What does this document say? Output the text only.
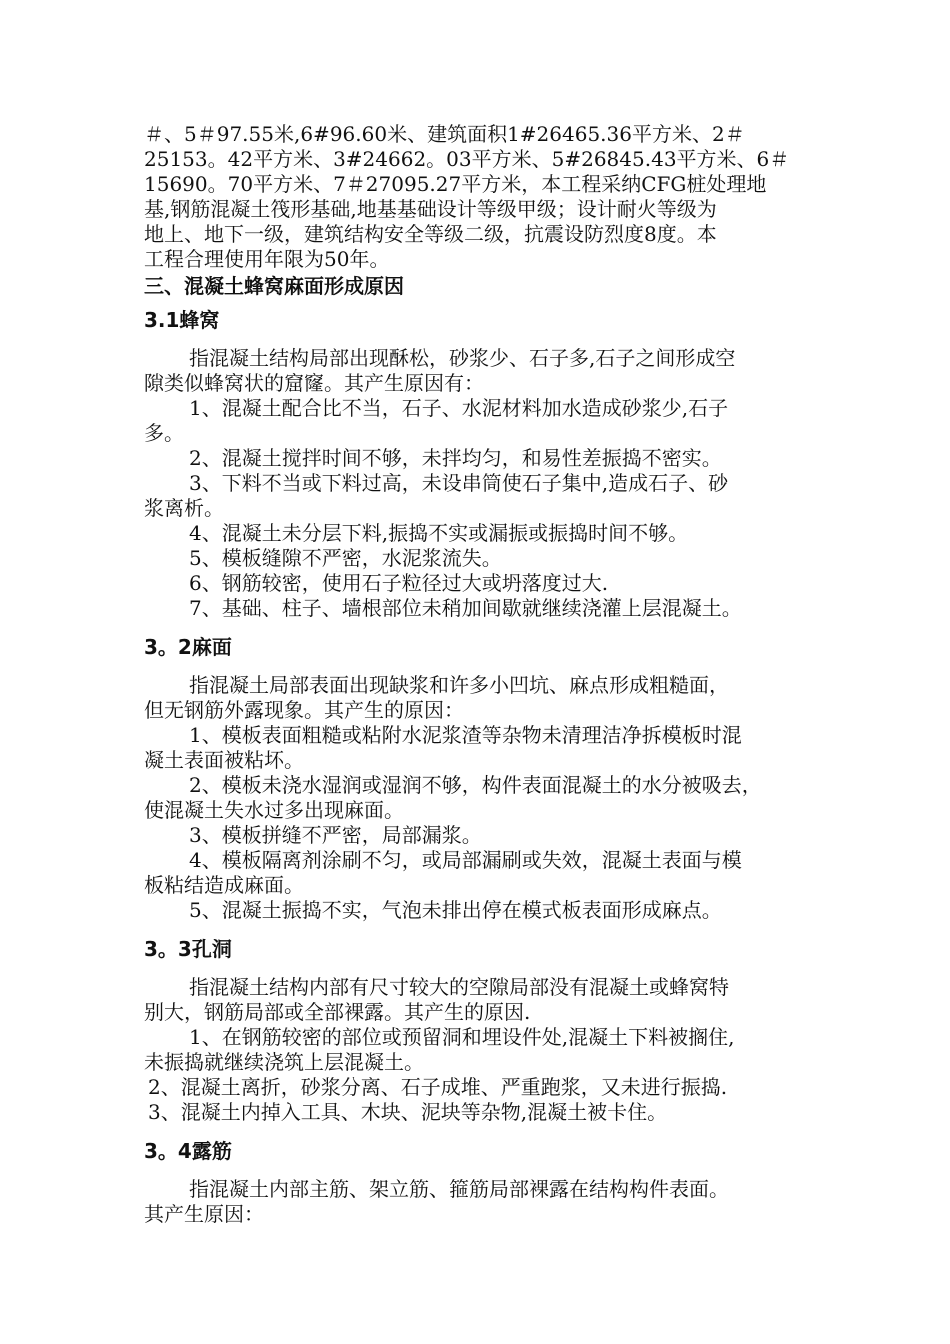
＃、5＃97.55米,6#96.60米、建筑面积1#26465.36平方米、2＃
25153。42平方米、3#24662。03平方米、5#26845.43平方米、6＃
15690。70平方米、7＃27095.27平方米，本工程采纳CFG桩处理地
基,钢筋混凝土筏形基础,地基基础设计等级甲级；设计耐火等级为
地上、地下一级，建筑结构安全等级二级，抗震设防烈度8度。本
工程合理使用年限为50年。
三、混凝土蜂窝麻面形成原因
3.1蜂窝
指混凝土结构局部出现酥松，砂浆少、石子多,石子之间形成空
隙类似蜂窝状的窟窿。其产生原因有：
1、混凝土配合比不当，石子、水泥材料加水造成砂浆少,石子
多。
2、混凝土搅拌时间不够，未拌均匀，和易性差振捣不密实。
3、下料不当或下料过高，未设串筒使石子集中,造成石子、砂
浆离析。
4、混凝土未分层下料,振捣不实或漏振或振捣时间不够。
5、模板缝隙不严密，水泥浆流失。
6、钢筋较密，使用石子粒径过大或坍落度过大.
7、基础、柱子、墙根部位未稍加间歇就继续浇灌上层混凝土。
3。2麻面
指混凝土局部表面出现缺浆和许多小凹坑、麻点形成粗糙面，
但无钢筋外露现象。其产生的原因：
1、模板表面粗糙或粘附水泥浆渣等杂物未清理洁净拆模板时混
凝土表面被粘坏。
2、模板未浇水湿润或湿润不够，构件表面混凝土的水分被吸去，
使混凝土失水过多出现麻面。
3、模板拼缝不严密，局部漏浆。
4、模板隔离剂涂刷不匀，或局部漏刷或失效，混凝土表面与模
板粘结造成麻面。
5、混凝土振捣不实，气泡未排出停在模式板表面形成麻点。
3。3孔洞
指混凝土结构内部有尺寸较大的空隙局部没有混凝土或蜂窝特
别大，钢筋局部或全部裸露。其产生的原因.
1、在钢筋较密的部位或预留洞和埋设件处,混凝土下料被搁住,
未振捣就继续浇筑上层混凝土。
2、混凝土离折，砂浆分离、石子成堆、严重跑浆，又未进行振捣.
3、混凝土内掉入工具、木块、泥块等杂物,混凝土被卡住。
3。4露筋
指混凝土内部主筋、架立筋、箍筋局部裸露在结构构件表面。
其产生原因：
